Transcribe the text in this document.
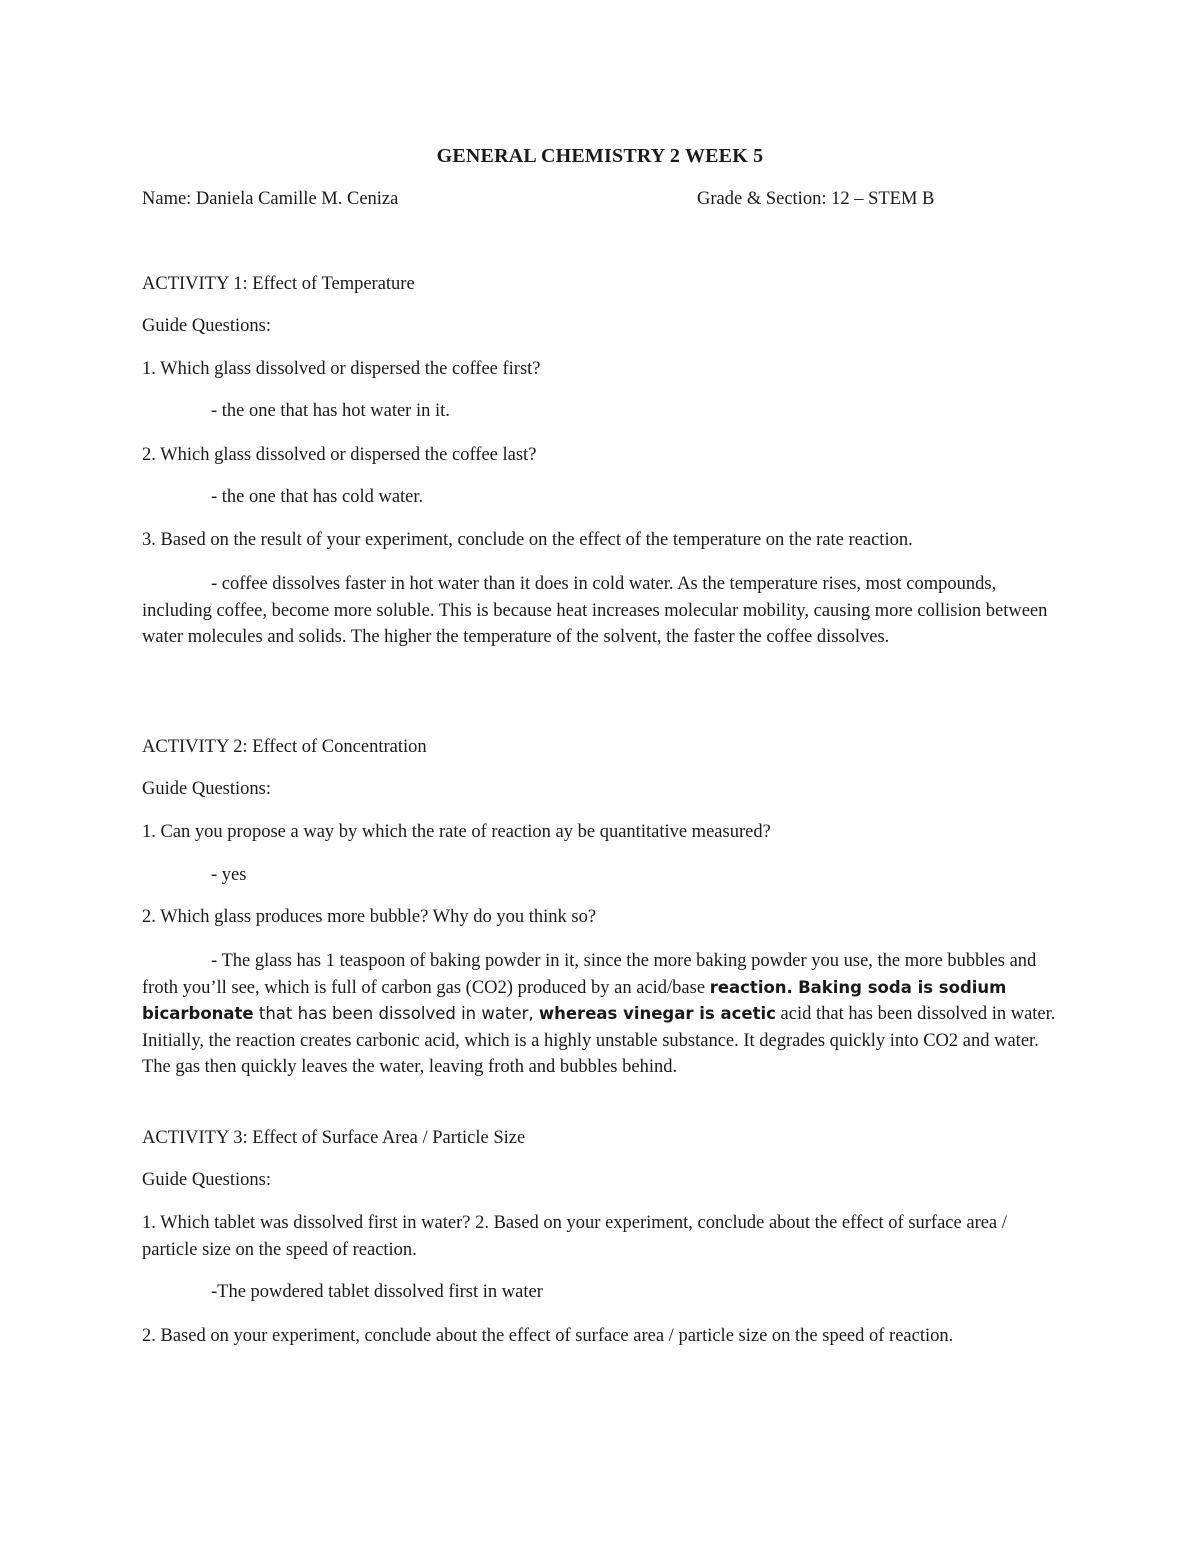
GENERAL CHEMISTRY 2 WEEK 5
Name: Daniela Camille M. Ceniza	Grade & Section: 12 – STEM B
ACTIVITY 1: Effect of Temperature
Guide Questions:
1. Which glass dissolved or dispersed the coffee first?
- the one that has hot water in it.
2. Which glass dissolved or dispersed the coffee last?
- the one that has cold water.
3. Based on the result of your experiment, conclude on the effect of the temperature on the rate reaction.
- coffee dissolves faster in hot water than it does in cold water. As the temperature rises, most compounds, including coffee, become more soluble. This is because heat increases molecular mobility, causing more collision between water molecules and solids. The higher the temperature of the solvent, the faster the coffee dissolves.
ACTIVITY 2: Effect of Concentration
Guide Questions:
1. Can you propose a way by which the rate of reaction ay be quantitative measured?
- yes
2. Which glass produces more bubble? Why do you think so?
- The glass has 1 teaspoon of baking powder in it, since the more baking powder you use, the more bubbles and froth you’ll see, which is full of carbon gas (CO2) produced by an acid/base reaction. Baking soda is sodium bicarbonate that has been dissolved in water, whereas vinegar is acetic acid that has been dissolved in water. Initially, the reaction creates carbonic acid, which is a highly unstable substance. It degrades quickly into CO2 and water. The gas then quickly leaves the water, leaving froth and bubbles behind.
ACTIVITY 3: Effect of Surface Area / Particle Size
Guide Questions:
1. Which tablet was dissolved first in water? 2. Based on your experiment, conclude about the effect of surface area / particle size on the speed of reaction.
-The powdered tablet dissolved first in water
2. Based on your experiment, conclude about the effect of surface area / particle size on the speed of reaction.
